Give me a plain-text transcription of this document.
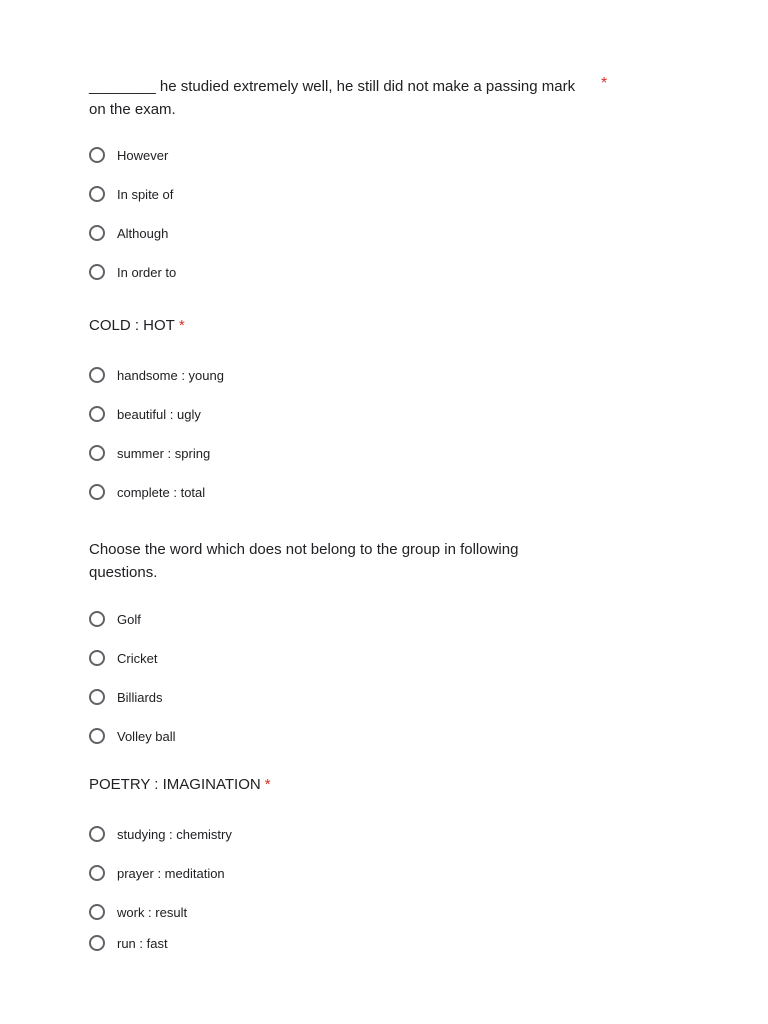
________ he studied extremely well, he still did not make a passing mark on the exam.

*
However
In spite of
Although
In order to

COLD : HOT *

handsome : young
beautiful : ugly
summer : spring
complete : total

Choose the word which does not belong to the group in following questions.

Golf
Cricket
Billiards
Volley ball

POETRY : IMAGINATION *

studying : chemistry
prayer : meditation
work : result
run : fast
